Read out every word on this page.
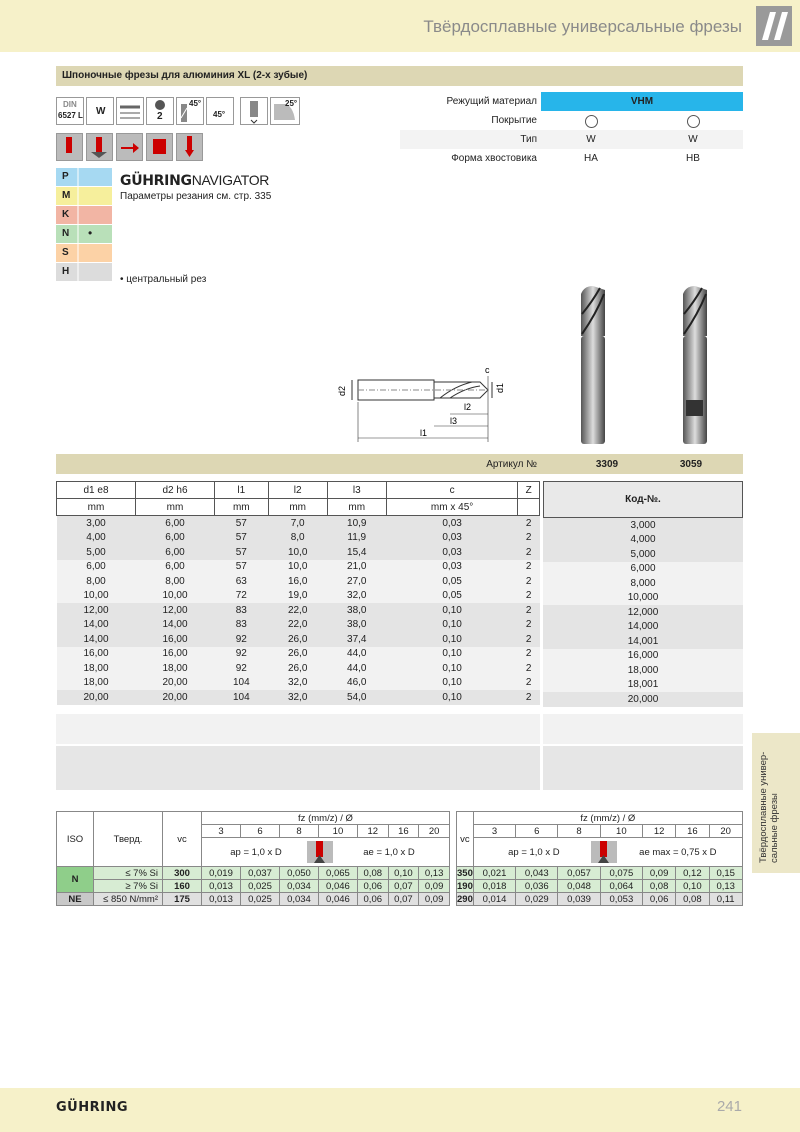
Твёрдосплавные универсальные фрезы
Шпоночные фрезы для алюминия XL (2-х зубые)
DIN
6527 L W	2
45°
45°
25°
P
M
K
N •
S
H
Режущий материал	VHM
Покрытие
Тип	W	W
Форма хвостовика	HA	HB
GÜHRINGNAVIGATOR
Параметры резания см. стр. 335
• центральный рез
d2	d1
c
l2
l3
l1
Артикул №	3309	3059
d1 e8	d2 h6	l1	l2	l3	c	Z
mm	mm	mm	mm	mm	mm x 45°	
3,00	6,00	57	7,0	10,9	0,03	2
4,00	6,00	57	8,0	11,9	0,03	2
5,00	6,00	57	10,0	15,4	0,03	2
6,00	6,00	57	10,0	21,0	0,03	2
8,00	8,00	63	16,0	27,0	0,05	2
10,00	10,00	72	19,0	32,0	0,05	2
12,00	12,00	83	22,0	38,0	0,10	2
14,00	14,00	83	22,0	38,0	0,10	2
14,00	16,00	92	26,0	37,4	0,10	2
16,00	16,00	92	26,0	44,0	0,10	2
18,00	18,00	92	26,0	44,0	0,10	2
18,00	20,00	104	32,0	46,0	0,10	2
20,00	20,00	104	32,0	54,0	0,10	2
Код-№.
3,000
4,000
5,000
6,000
8,000
10,000
12,000
14,000
14,001
16,000
18,000
18,001
20,000
Твёрдосплавные универ-
сальные фрезы
ISO	Тверд.	vc	fz (mm/z) / Ø						
			3	6	8	10	12	16	20
			ap = 1,0 x D ae = 1,0 x D						
N	≤ 7% Si	300	0,019	0,037	0,050	0,065	0,08	0,10	0,13
	≥ 7% Si	160	0,013	0,025	0,034	0,046	0,06	0,07	0,09
NE	≤ 850 N/mm²	175	0,013	0,025	0,034	0,046	0,06	0,07	0,09
vc	fz (mm/z) / Ø						
	3	6	8	10	12	16	20
	ap = 1,0 x D ae max = 0,75 x D						
350	0,021	0,043	0,057	0,075	0,09	0,12	0,15
190	0,018	0,036	0,048	0,064	0,08	0,10	0,13
290	0,014	0,029	0,039	0,053	0,06	0,08	0,11
GÜHRING	241
